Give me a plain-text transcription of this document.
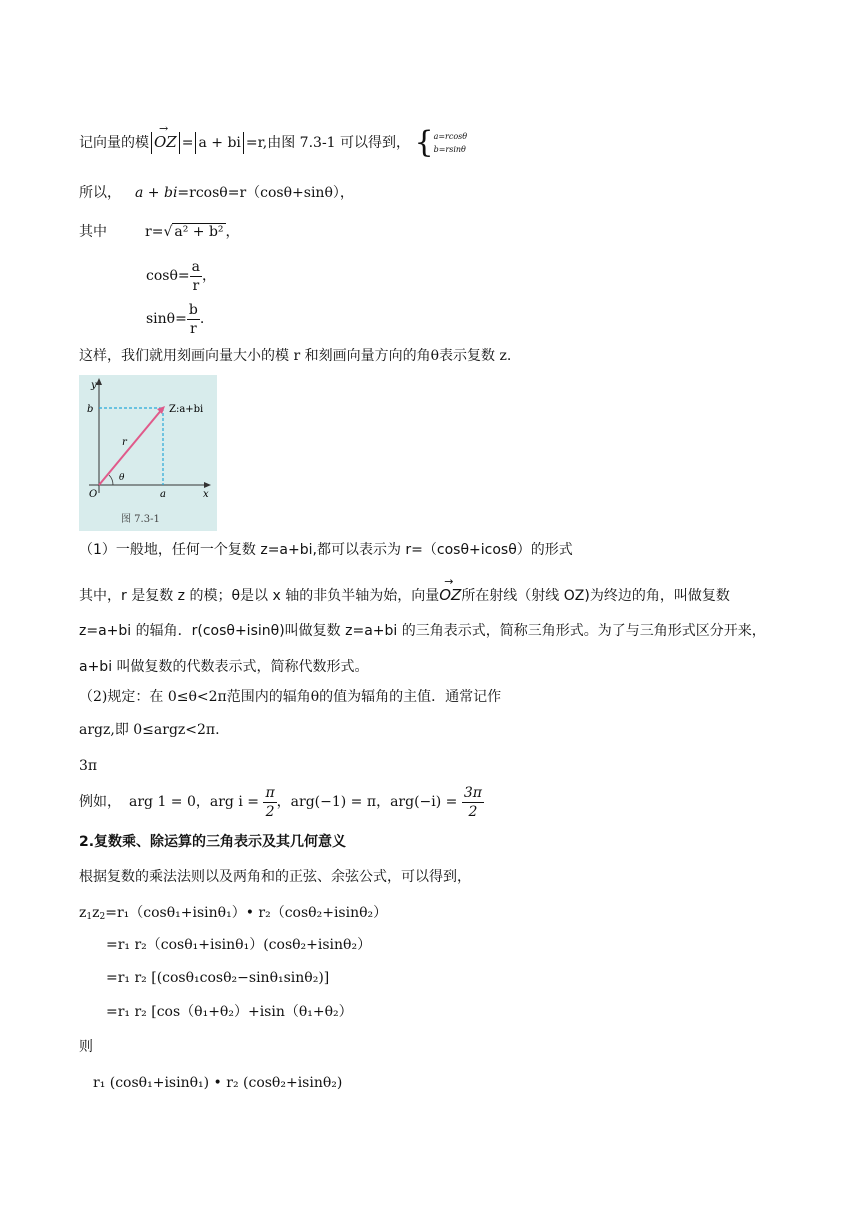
记向量的模→ OZ = a + bi =r,由图 7.3-1 可以得到， { a=rcosθ
b=rsinθ
所以， a + bi=rcosθ=r（cosθ+sinθ），
其中	r=√ a² + b² ，
$\cos\theta= \frac{a}{r}$ ，
$\sin\theta= \frac{b}{r}$ .
这样，我们就用刻画向量大小的模 r 和刻画向量方向的角θ表示复数 z.
y
b	Z:a+bi
r
θ
O	a	x
图 7.3-1
（1）一般地，任何一个复数 z=a+bi,都可以表示为 r=（cosθ+icosθ）的形式
其中，r 是复数 z 的模；θ是以 x 轴的非负半轴为始，向量→ OZ所在射线（射线 OZ)为终边的角，叫做复数
z=a+bi 的辐角．r(cosθ+isinθ)叫做复数 z=a+bi 的三角表示式，简称三角形式。为了与三角形式区分开来，
a+bi 叫做复数的代数表示式，简称代数形式。
（2)规定：在 0≤θ<2π范围内的辐角θ的值为辐角的主值．通常记作
argz,即 0≤argz<2π.
3π
例如， arg 1 = 0，arg $i = \frac{\pi}{2}$ ，arg(−1) = π，$arg(-i) = \frac{3\pi}{2}$
2.复数乘、除运算的三角表示及其几何意义
根据复数的乘法法则以及两角和的正弦、余弦公式，可以得到，
$z_1z_2=r_1(\cos\theta_1+isin\theta_1)•$ r₂（cosθ₂+isinθ₂）
=r₁ r₂（cosθ₁+isinθ₁）(cosθ₂+isinθ₂）
=r₁ r₂ [(cosθ₁cosθ₂−sinθ₁sinθ₂)]
=r₁ r₂ [cos（θ₁+θ₂）+isin（θ₁+θ₂）
则
r₁ (cosθ₁+isinθ₁) • r₂ (cosθ₂+isinθ₂)
